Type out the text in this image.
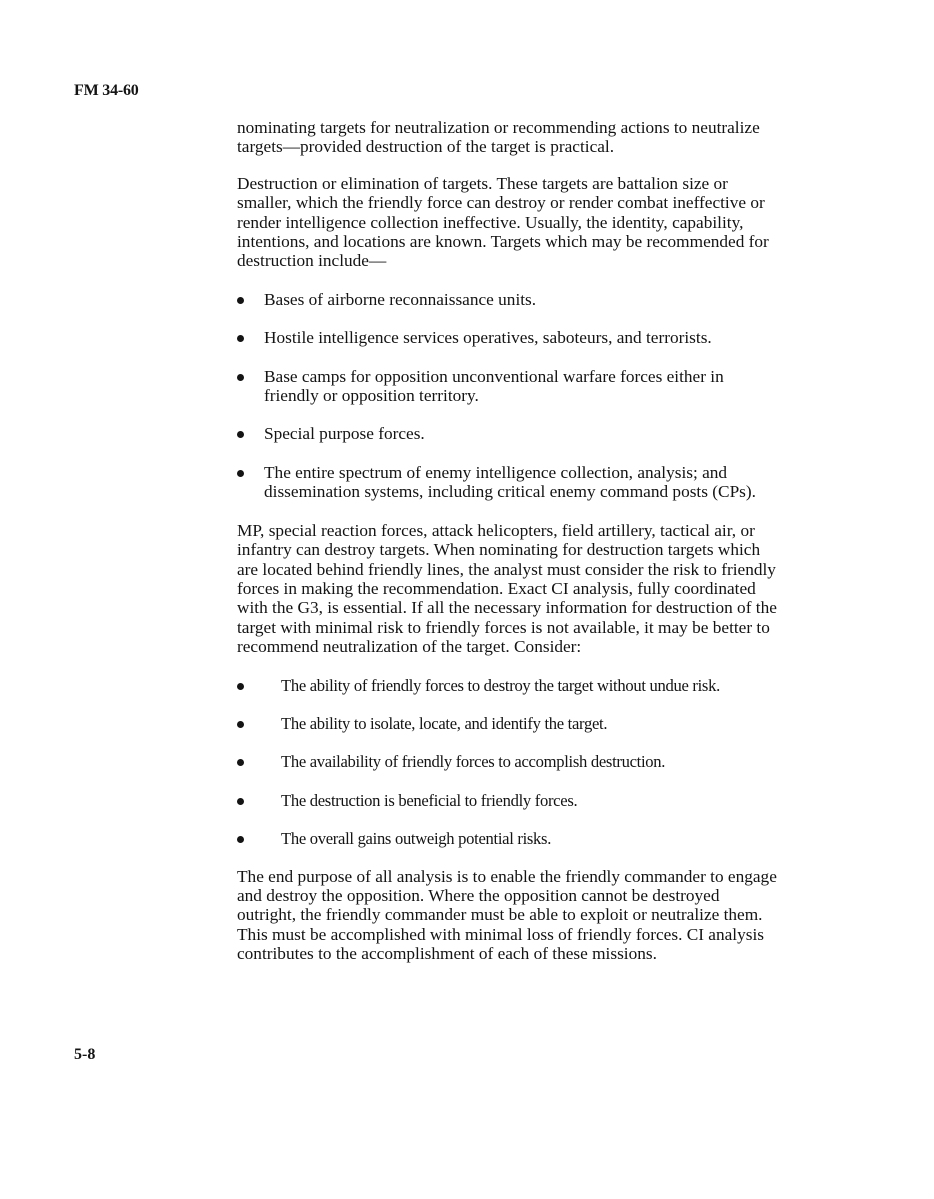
FM 34-60

nominating targets for neutralization or recommending actions to neutralize targets—provided destruction of the target is practical.

Destruction or elimination of targets. These targets are battalion size or smaller, which the friendly force can destroy or render combat ineffective or render intelligence collection ineffective. Usually, the identity, capability, intentions, and locations are known. Targets which may be recommended for destruction include—

Bases of airborne reconnaissance units.
Hostile intelligence services operatives, saboteurs, and terrorists.
Base camps for opposition unconventional warfare forces either in friendly or opposition territory.
Special purpose forces.
The entire spectrum of enemy intelligence collection, analysis; and dissemination systems, including critical enemy command posts (CPs).

MP, special reaction forces, attack helicopters, field artillery, tactical air, or infantry can destroy targets. When nominating for destruction targets which are located behind friendly lines, the analyst must consider the risk to friendly forces in making the recommendation. Exact CI analysis, fully coordinated with the G3, is essential. If all the necessary information for destruction of the target with minimal risk to friendly forces is not available, it may be better to recommend neutralization of the target. Consider:

The ability of friendly forces to destroy the target without undue risk.
The ability to isolate, locate, and identify the target.
The availability of friendly forces to accomplish destruction.
The destruction is beneficial to friendly forces.
The overall gains outweigh potential risks.

The end purpose of all analysis is to enable the friendly commander to engage and destroy the opposition. Where the opposition cannot be destroyed outright, the friendly commander must be able to exploit or neutralize them. This must be accomplished with minimal loss of friendly forces. CI analysis contributes to the accomplishment of each of these missions.

5-8
